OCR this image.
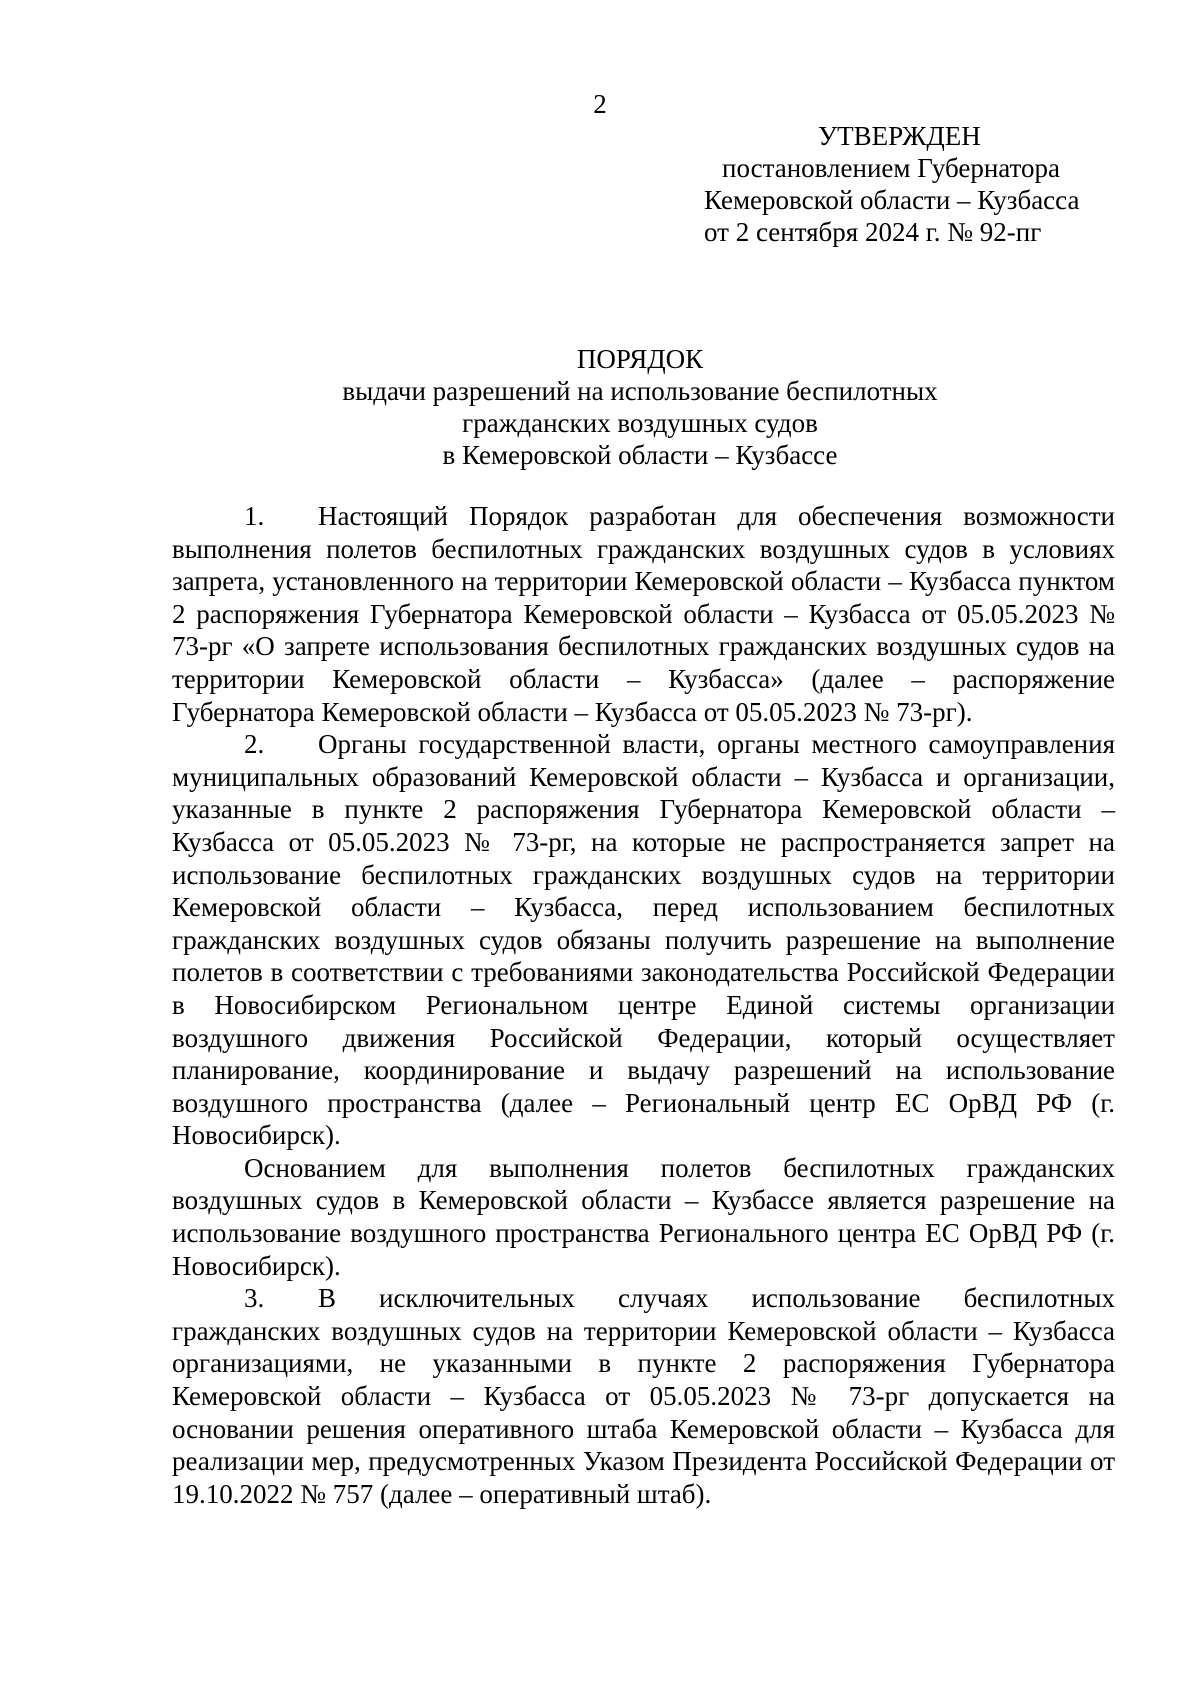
2
УТВЕРЖДЕН
постановлением Губернатора
Кемеровской области – Кузбасса
от 2 сентября 2024 г. № 92-пг
ПОРЯДОК
выдачи разрешений на использование беспилотных
гражданских воздушных судов
в Кемеровской области – Кузбассе

1. Настоящий Порядок разработан для обеспечения возможности выполнения полетов беспилотных гражданских воздушных судов в условиях запрета, установленного на территории Кемеровской области – Кузбасса пунктом 2 распоряжения Губернатора Кемеровской области – Кузбасса от 05.05.2023 № 73-рг «О запрете использования беспилотных гражданских воздушных судов на территории Кемеровской области – Кузбасса» (далее – распоряжение Губернатора Кемеровской области – Кузбасса от 05.05.2023 № 73-рг).

2. Органы государственной власти, органы местного самоуправления муниципальных образований Кемеровской области – Кузбасса и организации, указанные в пункте 2 распоряжения Губернатора Кемеровской области – Кузбасса от 05.05.2023 № 73-рг, на которые не распространяется запрет на использование беспилотных гражданских воздушных судов на территории Кемеровской области – Кузбасса, перед использованием беспилотных гражданских воздушных судов обязаны получить разрешение на выполнение полетов в соответствии с требованиями законодательства Российской Федерации в Новосибирском Региональном центре Единой системы организации воздушного движения Российской Федерации, который осуществляет планирование, координирование и выдачу разрешений на использование воздушного пространства (далее – Региональный центр ЕС ОрВД РФ (г. Новосибирск).

Основанием для выполнения полетов беспилотных гражданских воздушных судов в Кемеровской области – Кузбассе является разрешение на использование воздушного пространства Регионального центра ЕС ОрВД РФ (г. Новосибирск).

3. В исключительных случаях использование беспилотных гражданских воздушных судов на территории Кемеровской области – Кузбасса организациями, не указанными в пункте 2 распоряжения Губернатора Кемеровской области – Кузбасса от 05.05.2023 № 73-рг допускается на основании решения оперативного штаба Кемеровской области – Кузбасса для реализации мер, предусмотренных Указом Президента Российской Федерации от 19.10.2022 № 757 (далее – оперативный штаб).
